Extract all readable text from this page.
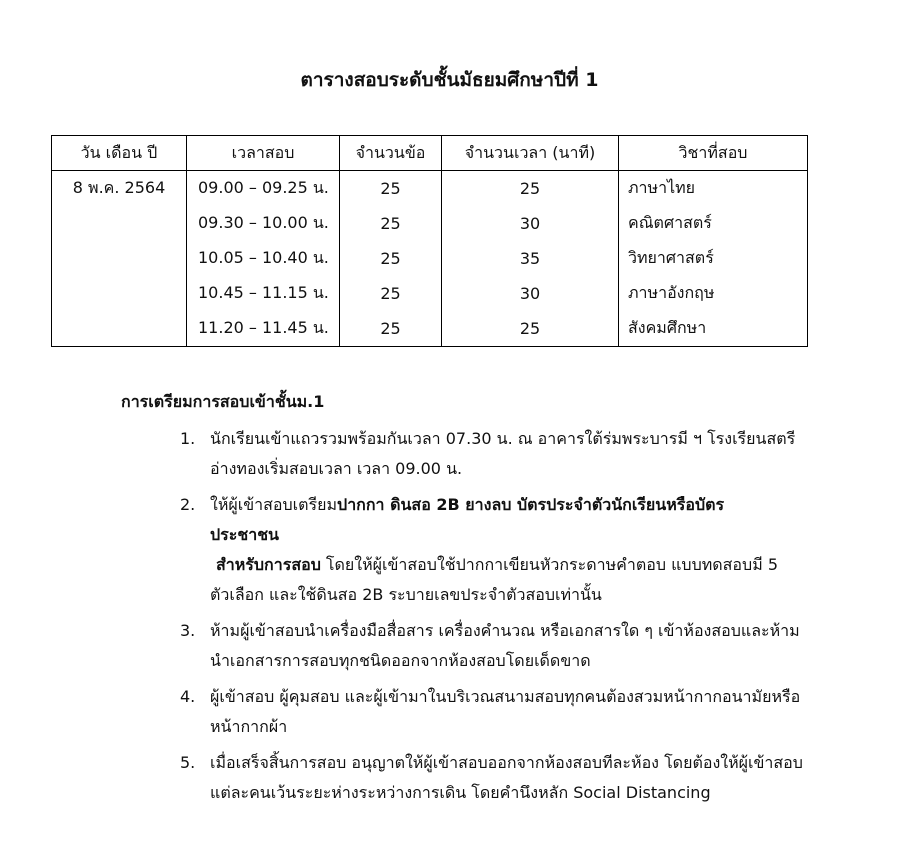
ตารางสอบระดับชั้นมัธยมศึกษาปีที่ 1
วัน เดือน ปี	เวลาสอบ	จำนวนข้อ	จำนวนเวลา (นาที)	วิชาที่สอบ
8 พ.ค. 2564	09.00 – 09.25 น.	25	25	ภาษาไทย
	09.30 – 10.00 น.	25	30	คณิตศาสตร์
	10.05 – 10.40 น.	25	35	วิทยาศาสตร์
	10.45 – 11.15 น.	25	30	ภาษาอังกฤษ
	11.20 – 11.45 น.	25	25	สังคมศึกษา
การเตรียมการสอบเข้าชั้นม.1
1. นักเรียนเข้าแถวรวมพร้อมกันเวลา 07.30 น. ณ อาคารใต้ร่มพระบารมี ฯ โรงเรียนสตรี
อ่างทองเริ่มสอบเวลา เวลา 09.00 น.
2. ให้ผู้เข้าสอบเตรียมปากกา ดินสอ 2B ยางลบ บัตรประจำตัวนักเรียนหรือบัตร
ประชาชน
สำหรับการสอบ โดยให้ผู้เข้าสอบใช้ปากกาเขียนหัวกระดาษคำตอบ แบบทดสอบมี 5
ตัวเลือก และใช้ดินสอ 2B ระบายเลขประจำตัวสอบเท่านั้น
3. ห้ามผู้เข้าสอบนำเครื่องมือสื่อสาร เครื่องคำนวณ หรือเอกสารใด ๆ เข้าห้องสอบและห้าม
นำเอกสารการสอบทุกชนิดออกจากห้องสอบโดยเด็ดขาด
4. ผู้เข้าสอบ ผู้คุมสอบ และผู้เข้ามาในบริเวณสนามสอบทุกคนต้องสวมหน้ากากอนามัยหรือ
หน้ากากผ้า
5. เมื่อเสร็จสิ้นการสอบ อนุญาตให้ผู้เข้าสอบออกจากห้องสอบทีละห้อง โดยต้องให้ผู้เข้าสอบ
แต่ละคนเว้นระยะห่างระหว่างการเดิน โดยคำนึงหลัก Social Distancing
